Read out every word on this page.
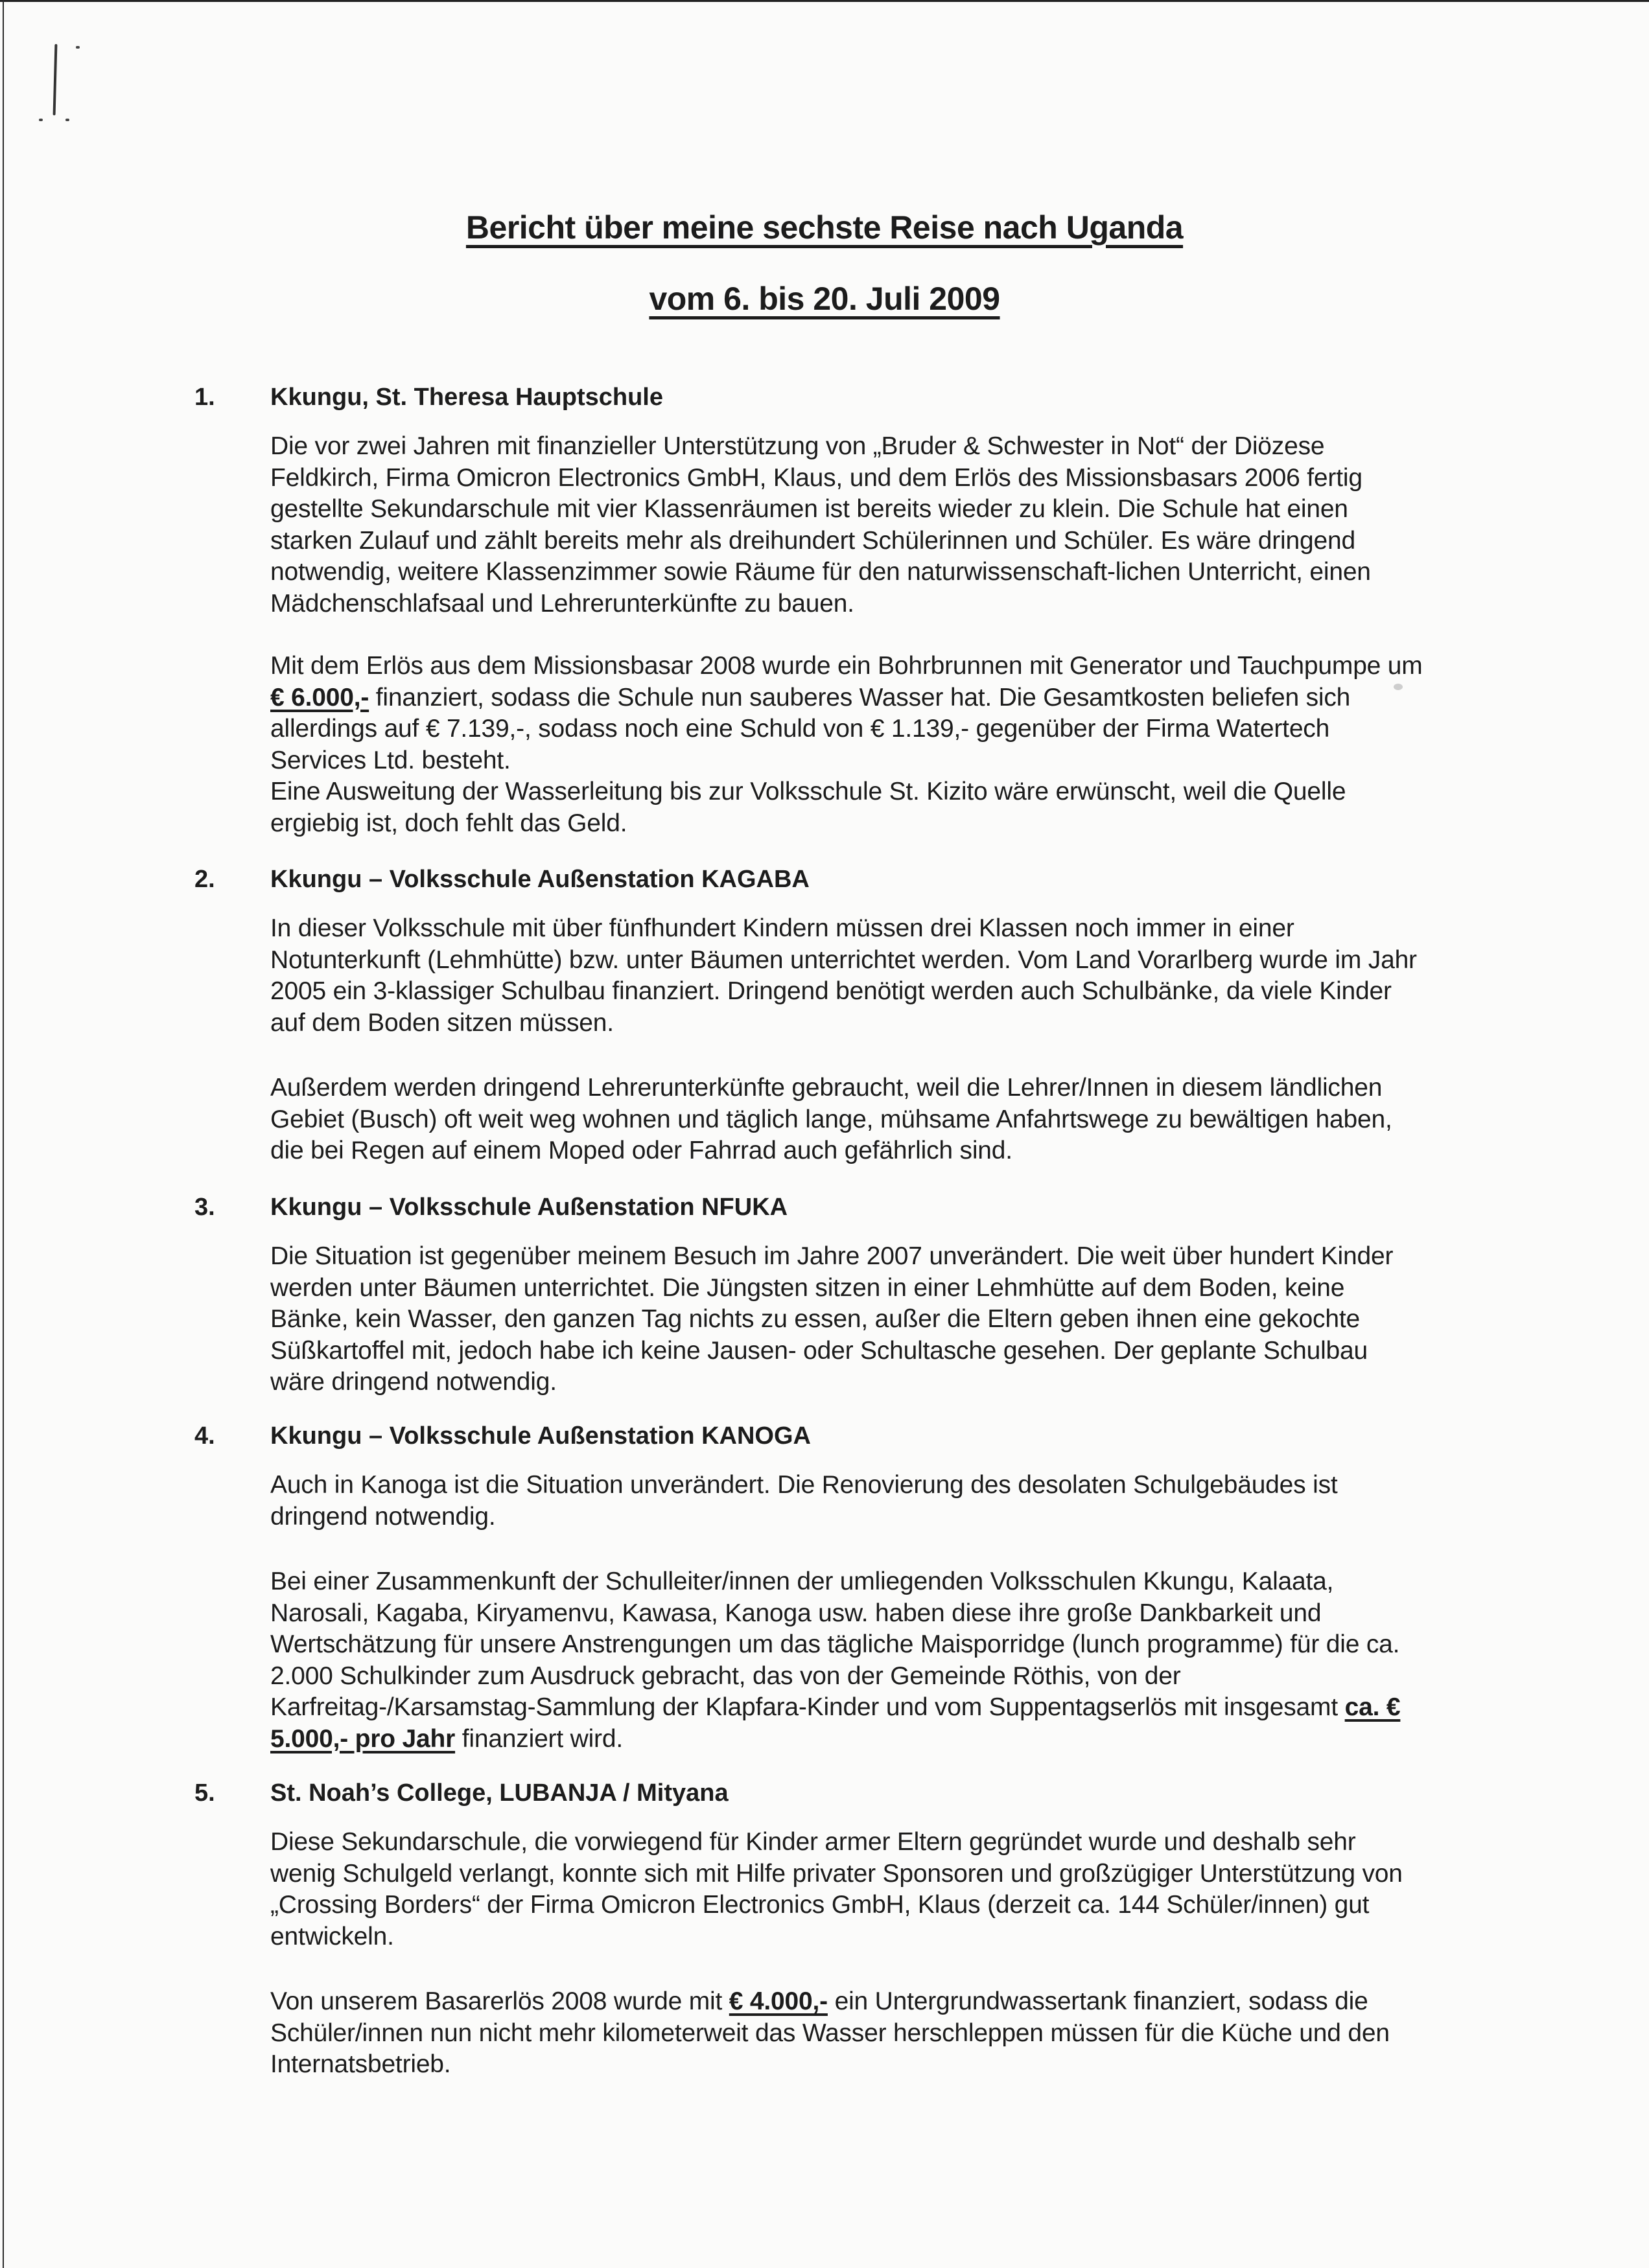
Bericht über meine sechste Reise nach Uganda
vom 6. bis 20. Juli 2009
1.	Kkungu, St. Theresa Hauptschule
Die vor zwei Jahren mit finanzieller Unterstützung von „Bruder & Schwester in Not“ der Diözese Feldkirch, Firma Omicron Electronics GmbH, Klaus, und dem Erlös des Missionsbasars 2006 fertig gestellte Sekundarschule mit vier Klassenräumen ist bereits wieder zu klein. Die Schule hat einen starken Zulauf und zählt bereits mehr als dreihundert Schülerinnen und Schüler. Es wäre dringend notwendig, weitere Klassenzimmer sowie Räume für den naturwissenschaft-lichen Unterricht, einen Mädchenschlafsaal und Lehrerunterkünfte zu bauen.
Mit dem Erlös aus dem Missionsbasar 2008 wurde ein Bohrbrunnen mit Generator und Tauchpumpe um € 6.000,- finanziert, sodass die Schule nun sauberes Wasser hat. Die Gesamtkosten beliefen sich allerdings auf € 7.139,-, sodass noch eine Schuld von € 1.139,- gegenüber der Firma Watertech Services Ltd. besteht.
Eine Ausweitung der Wasserleitung bis zur Volksschule St. Kizito wäre erwünscht, weil die Quelle ergiebig ist, doch fehlt das Geld.
2.	Kkungu – Volksschule Außenstation KAGABA
In dieser Volksschule mit über fünfhundert Kindern müssen drei Klassen noch immer in einer Notunterkunft (Lehmhütte) bzw. unter Bäumen unterrichtet werden. Vom Land Vorarlberg wurde im Jahr 2005 ein 3-klassiger Schulbau finanziert. Dringend benötigt werden auch Schulbänke, da viele Kinder auf dem Boden sitzen müssen.
Außerdem werden dringend Lehrerunterkünfte gebraucht, weil die Lehrer/Innen in diesem ländlichen Gebiet (Busch) oft weit weg wohnen und täglich lange, mühsame Anfahrtswege zu bewältigen haben, die bei Regen auf einem Moped oder Fahrrad auch gefährlich sind.
3.	Kkungu – Volksschule Außenstation NFUKA
Die Situation ist gegenüber meinem Besuch im Jahre 2007 unverändert. Die weit über hundert Kinder werden unter Bäumen unterrichtet. Die Jüngsten sitzen in einer Lehmhütte auf dem Boden, keine Bänke, kein Wasser, den ganzen Tag nichts zu essen, außer die Eltern geben ihnen eine gekochte Süßkartoffel mit, jedoch habe ich keine Jausen- oder Schultasche gesehen. Der geplante Schulbau wäre dringend notwendig.
4.	Kkungu – Volksschule Außenstation KANOGA
Auch in Kanoga ist die Situation unverändert. Die Renovierung des desolaten Schulgebäudes ist dringend notwendig.
Bei einer Zusammenkunft der Schulleiter/innen der umliegenden Volksschulen Kkungu, Kalaata, Narosali, Kagaba, Kiryamenvu, Kawasa, Kanoga usw. haben diese ihre große Dankbarkeit und Wertschätzung für unsere Anstrengungen um das tägliche Maisporridge (lunch programme) für die ca. 2.000 Schulkinder zum Ausdruck gebracht, das von der Gemeinde Röthis, von der Karfreitag-/Karsamstag-Sammlung der Klapfara-Kinder und vom Suppentagserlös mit insgesamt ca. € 5.000,- pro Jahr finanziert wird.
5.	St. Noah’s College, LUBANJA / Mityana
Diese Sekundarschule, die vorwiegend für Kinder armer Eltern gegründet wurde und deshalb sehr wenig Schulgeld verlangt, konnte sich mit Hilfe privater Sponsoren und großzügiger Unterstützung von „Crossing Borders“ der Firma Omicron Electronics GmbH, Klaus (derzeit ca. 144 Schüler/innen) gut entwickeln.
Von unserem Basarerlös 2008 wurde mit € 4.000,- ein Untergrundwassertank finanziert, sodass die Schüler/innen nun nicht mehr kilometerweit das Wasser herschleppen müssen für die Küche und den Internatsbetrieb.
